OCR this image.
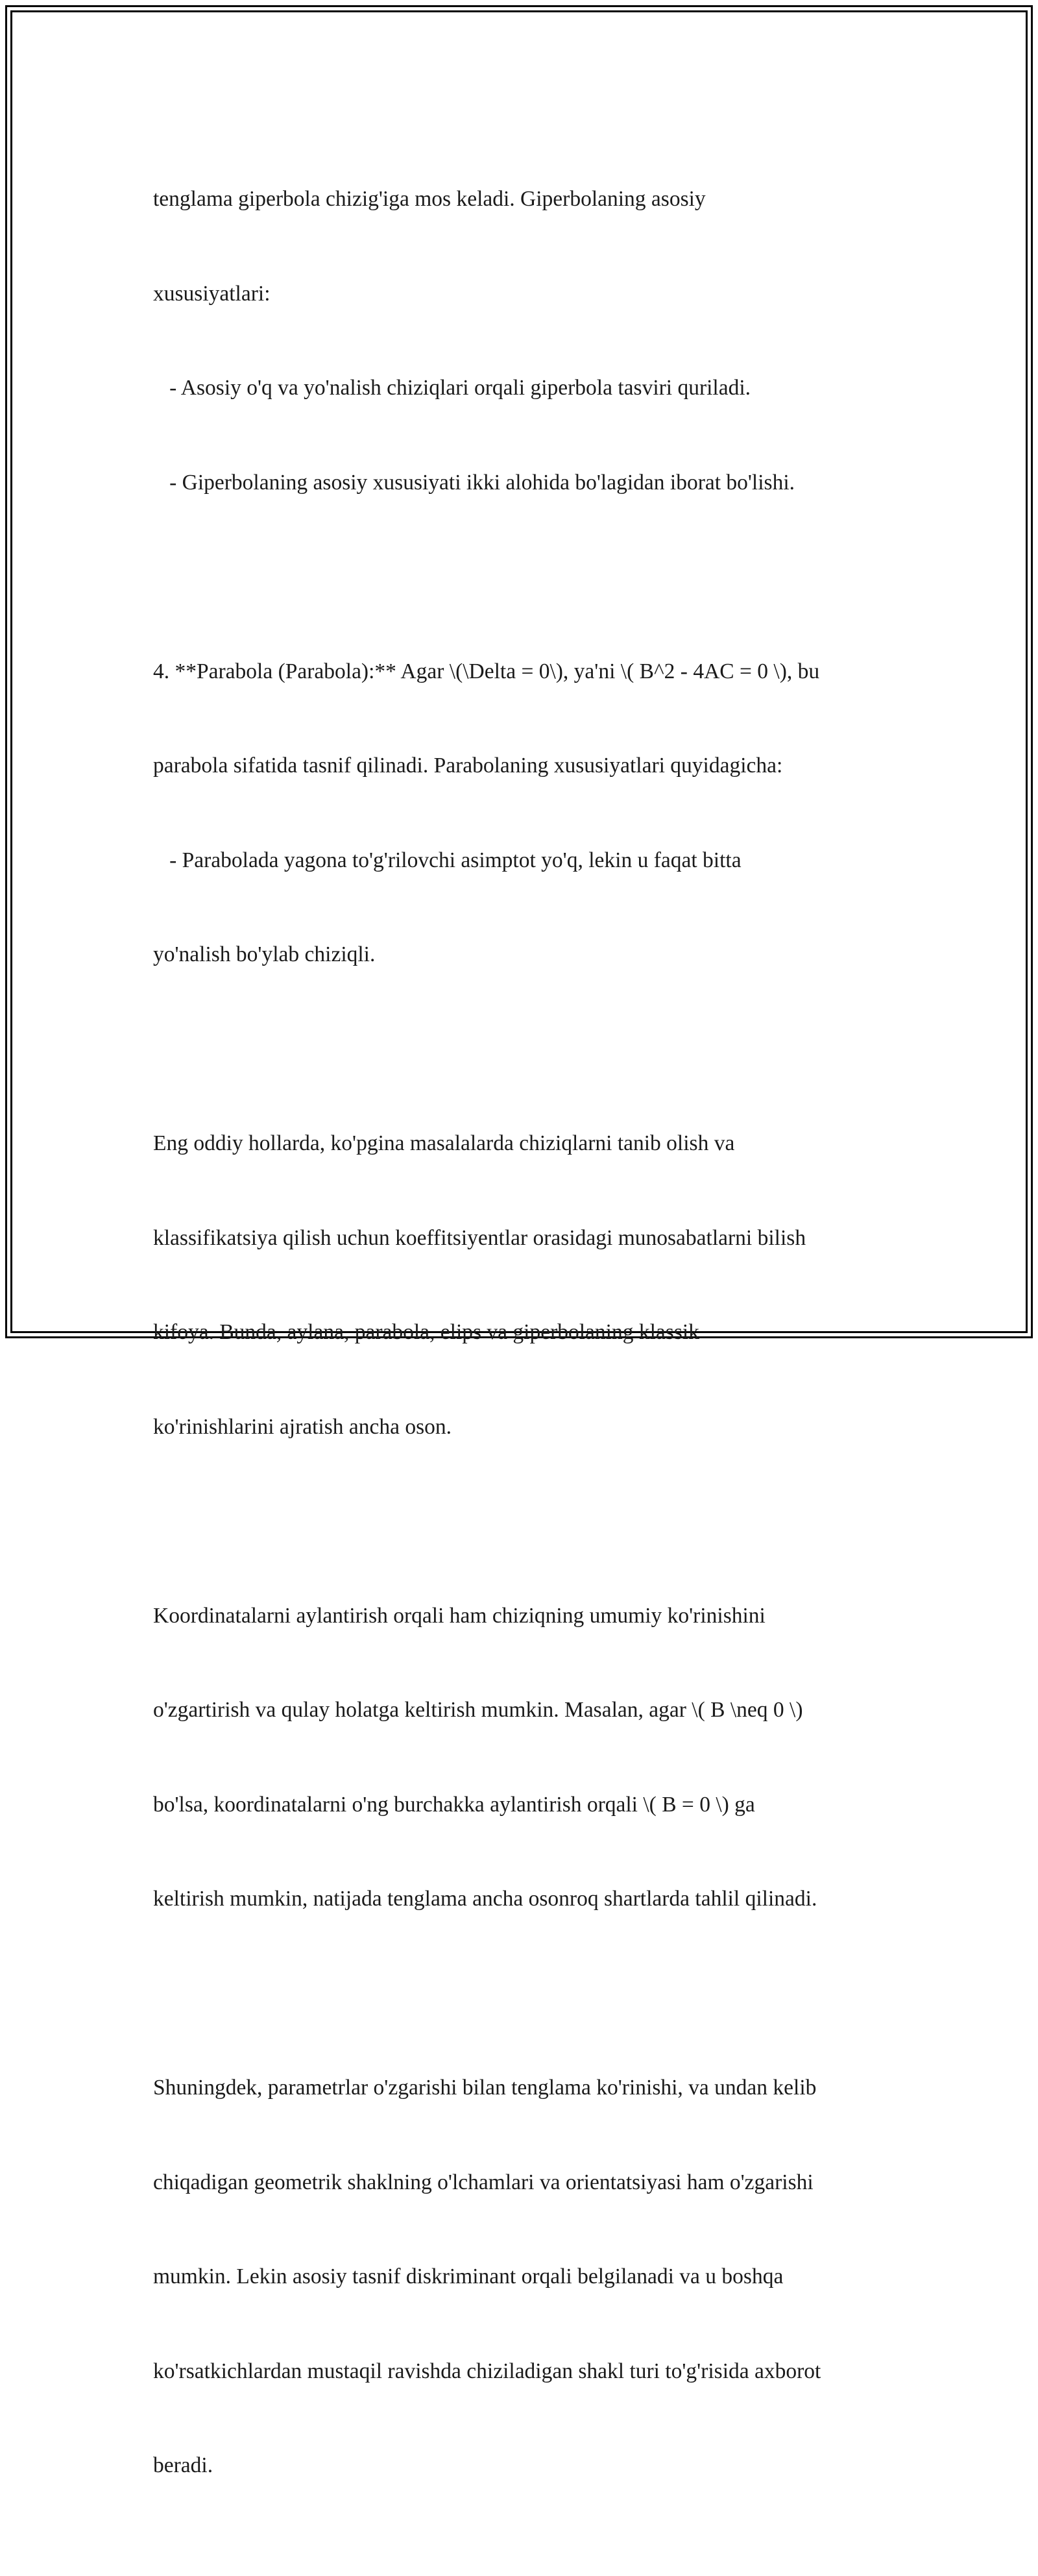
tenglama giperbola chizig'iga mos keladi. Giperbolaning asosiy

xususiyatlari:

- Asosiy o'q va yo'nalish chiziqlari orqali giperbola tasviri quriladi.

- Giperbolaning asosiy xususiyati ikki alohida bo'lagidan iborat bo'lishi.

4. **Parabola (Parabola):** Agar \(\Delta = 0\), ya'ni \( B^2 - 4AC = 0 \), bu

parabola sifatida tasnif qilinadi. Parabolaning xususiyatlari quyidagicha:

- Parabolada yagona to'g'rilovchi asimptot yo'q, lekin u faqat bitta

yo'nalish bo'ylab chiziqli.

Eng oddiy hollarda, ko'pgina masalalarda chiziqlarni tanib olish va

klassifikatsiya qilish uchun koeffitsiyentlar orasidagi munosabatlarni bilish

kifoya. Bunda, aylana, parabola, elips va giperbolaning klassik

ko'rinishlarini ajratish ancha oson.

Koordinatalarni aylantirish orqali ham chiziqning umumiy ko'rinishini

o'zgartirish va qulay holatga keltirish mumkin. Masalan, agar \( B \neq 0 \)

bo'lsa, koordinatalarni o'ng burchakka aylantirish orqali \( B = 0 \) ga

keltirish mumkin, natijada tenglama ancha osonroq shartlarda tahlil qilinadi.

Shuningdek, parametrlar o'zgarishi bilan tenglama ko'rinishi, va undan kelib

chiqadigan geometrik shaklning o'lchamlari va orientatsiyasi ham o'zgarishi

mumkin. Lekin asosiy tasnif diskriminant orqali belgilanadi va u boshqa

ko'rsatkichlardan mustaqil ravishda chiziladigan shakl turi to'g'risida axborot

beradi.
